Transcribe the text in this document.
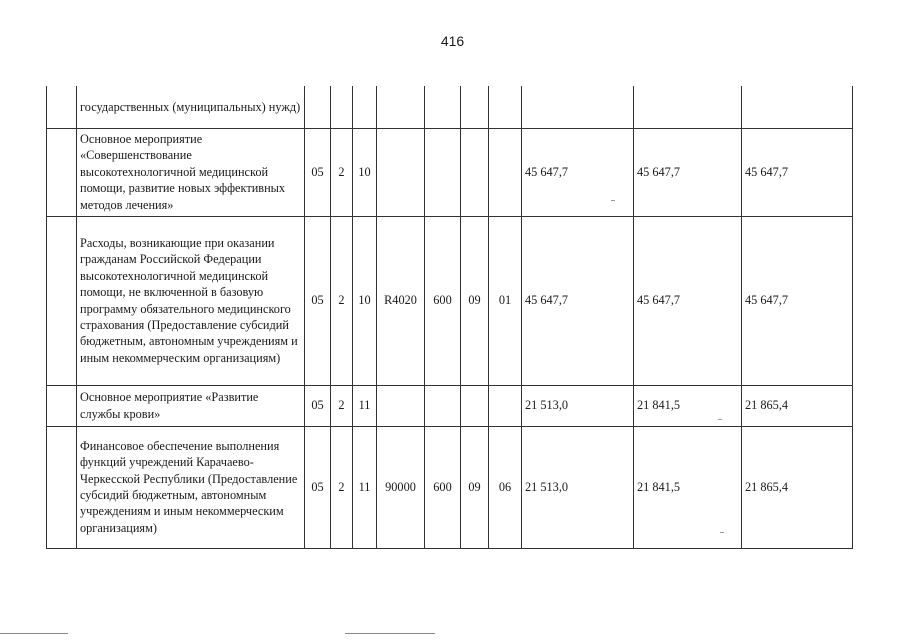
416
	государственных (муниципальных) нужд)										
	Основное мероприятие «Совершенствование высокотехнологичной медицинской помощи, развитие новых эффективных методов лечения»	05	2	10					45 647,7	45 647,7	45 647,7
	Расходы, возникающие при оказании гражданам Российской Федерации высокотехнологичной медицинской помощи, не включенной в базовую программу обязательного медицинского страхования (Предоставление субсидий бюджетным, автономным учреждениям и иным некоммерческим организациям)	05	2	10	R4020	600	09	01	45 647,7	45 647,7	45 647,7
	Основное мероприятие «Развитие службы крови»	05	2	11					21 513,0	21 841,5	21 865,4
	Финансовое обеспечение выполнения функций учреждений Карачаево-Черкесской Республики (Предоставление субсидий бюджетным, автономным учреждениям и иным некоммерческим организациям)	05	2	11	90000	600	09	06	21 513,0	21 841,5	21 865,4
